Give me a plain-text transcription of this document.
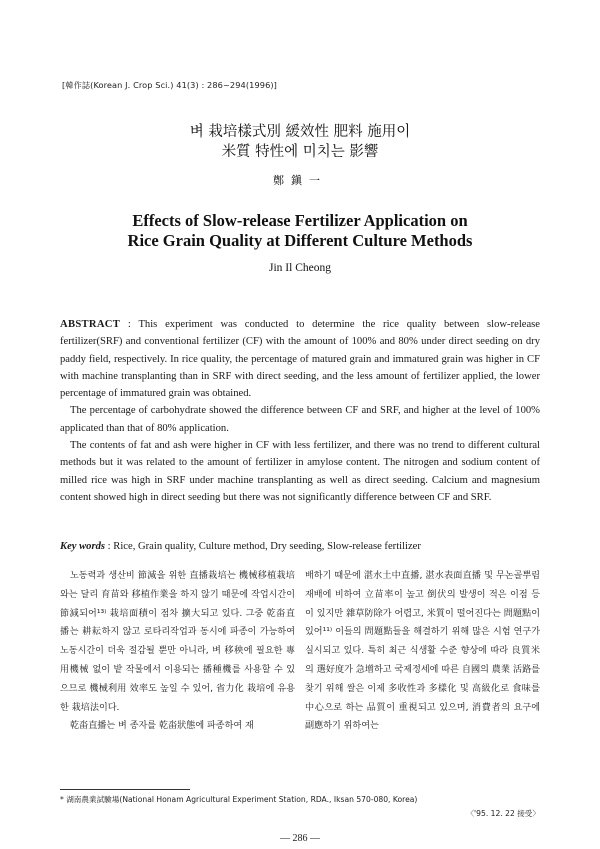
[韓作誌(Korean J. Crop Sci.) 41(3) : 286~294(1996)]
벼 栽培樣式別 緩效性 肥料 施用이
米質 特性에 미치는 影響
鄭鎭一
Effects of Slow-release Fertilizer Application on
Rice Grain Quality at Different Culture Methods
Jin Il Cheong

ABSTRACT : This experiment was conducted to determine the rice quality between slow-release fertilizer(SRF) and conventional fertilizer (CF) with the amount of 100% and 80% under direct seeding on dry paddy field, respectively. In rice quality, the percentage of matured grain and immatured grain was higher in CF with machine transplanting than in SRF with direct seeding, and the less amount of fertilizer applied, the lower percentage of immatured grain was obtained.

The percentage of carbohydrate showed the difference between CF and SRF, and higher at the level of 100% applicated than that of 80% application.

The contents of fat and ash were higher in CF with less fertilizer, and there was no trend to different cultural methods but it was related to the amount of fertilizer in amylose content. The nitrogen and sodium content of milled rice was high in SRF under machine transplanting as well as direct seeding. Calcium and magnesium content showed high in direct seeding but there was not significantly difference between CF and SRF.

Key words : Rice, Grain quality, Culture method, Dry seeding, Slow-release fertilizer

노동력과 생산비 節減을 위한 直播栽培는 機械移植栽培와는 달리 育苗와 移植作業을 하지 않기 때문에 작업시간이 節減되어¹³⁾ 栽培面積이 점차 擴大되고 있다. 그중 乾畓直播는 耕耘하지 않고 로타리작업과 동시에 파종이 가능하여 노동시간이 더욱 절감될 뿐만 아니라, 벼 移秧에 필요한 專用機械 없이 밭 작물에서 이용되는 播種機를 사용할 수 있으므로 機械利用 效率도 높일 수 있어, 省力化 栽培에 유용한 栽培法이다.

乾畓直播는 벼 종자를 乾畓狀態에 파종하여 재

배하기 때문에 湛水土中直播, 湛水表面直播 및 무논골뿌림재배에 비하여 立苗率이 높고 倒伏의 발생이 적은 이점 등이 있지만 雜草防除가 어렵고, 米質이 떨어진다는 問題點이 있어¹¹⁾ 이들의 問題點들을 해결하기 위해 많은 시험 연구가 실시되고 있다. 특히 최근 식생활 수준 향상에 따라 良質米의 選好度가 急增하고 국제정세에 따른 自國의 農業 活路를 찾기 위해 쌀은 이제 多收性과 多樣化 및 高級化로 食味를 中心으로 하는 品質이 重視되고 있으며, 消費者의 요구에 副應하기 위하여는

* 湖南農業試驗場(National Honam Agricultural Experiment Station, RDA., Iksan 570-080, Korea)
〈'95. 12. 22 接受〉
— 286 —
